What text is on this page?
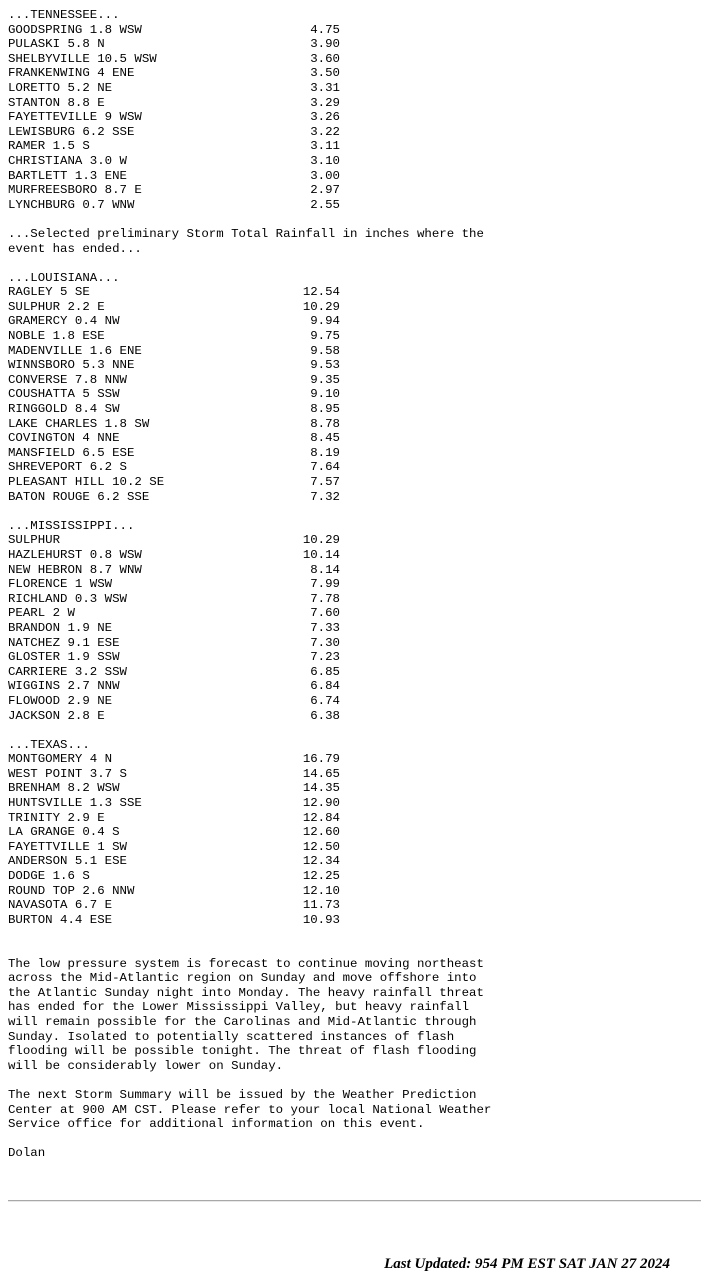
...TENNESSEE...
GOODSPRING 1.8 WSW	4.75
PULASKI 5.8 N	3.90
SHELBYVILLE 10.5 WSW	3.60
FRANKENWING 4 ENE	3.50
LORETTO 5.2 NE	3.31
STANTON 8.8 E	3.29
FAYETTEVILLE 9 WSW	3.26
LEWISBURG 6.2 SSE	3.22
RAMER 1.5 S	3.11
CHRISTIANA 3.0 W	3.10
BARTLETT 1.3 ENE	3.00
MURFREESBORO 8.7 E	2.97
LYNCHBURG 0.7 WNW	2.55
...Selected preliminary Storm Total Rainfall in inches where the
event has ended...
...LOUISIANA...
RAGLEY 5 SE	12.54
SULPHUR 2.2 E	10.29
GRAMERCY 0.4 NW	9.94
NOBLE 1.8 ESE	9.75
MADENVILLE 1.6 ENE	9.58
WINNSBORO 5.3 NNE	9.53
CONVERSE 7.8 NNW	9.35
COUSHATTA 5 SSW	9.10
RINGGOLD 8.4 SW	8.95
LAKE CHARLES 1.8 SW	8.78
COVINGTON 4 NNE	8.45
MANSFIELD 6.5 ESE	8.19
SHREVEPORT 6.2 S	7.64
PLEASANT HILL 10.2 SE	7.57
BATON ROUGE 6.2 SSE	7.32
...MISSISSIPPI...
SULPHUR	10.29
HAZLEHURST 0.8 WSW	10.14
NEW HEBRON 8.7 WNW	8.14
FLORENCE 1 WSW	7.99
RICHLAND 0.3 WSW	7.78
PEARL 2 W	7.60
BRANDON 1.9 NE	7.33
NATCHEZ 9.1 ESE	7.30
GLOSTER 1.9 SSW	7.23
CARRIERE 3.2 SSW	6.85
WIGGINS 2.7 NNW	6.84
FLOWOOD 2.9 NE	6.74
JACKSON 2.8 E	6.38
...TEXAS...
MONTGOMERY 4 N	16.79
WEST POINT 3.7 S	14.65
BRENHAM 8.2 WSW	14.35
HUNTSVILLE 1.3 SSE	12.90
TRINITY 2.9 E	12.84
LA GRANGE 0.4 S	12.60
FAYETTVILLE 1 SW	12.50
ANDERSON 5.1 ESE	12.34
DODGE 1.6 S	12.25
ROUND TOP 2.6 NNW	12.10
NAVASOTA 6.7 E	11.73
BURTON 4.4 ESE	10.93
The low pressure system is forecast to continue moving northeast
across the Mid-Atlantic region on Sunday and move offshore into
the Atlantic Sunday night into Monday. The heavy rainfall threat
has ended for the Lower Mississippi Valley, but heavy rainfall
will remain possible for the Carolinas and Mid-Atlantic through
Sunday. Isolated to potentially scattered instances of flash
flooding will be possible tonight. The threat of flash flooding
will be considerably lower on Sunday.
The next Storm Summary will be issued by the Weather Prediction
Center at 900 AM CST. Please refer to your local National Weather
Service office for additional information on this event.
Dolan
Last Updated: 954 PM EST SAT JAN 27 2024
